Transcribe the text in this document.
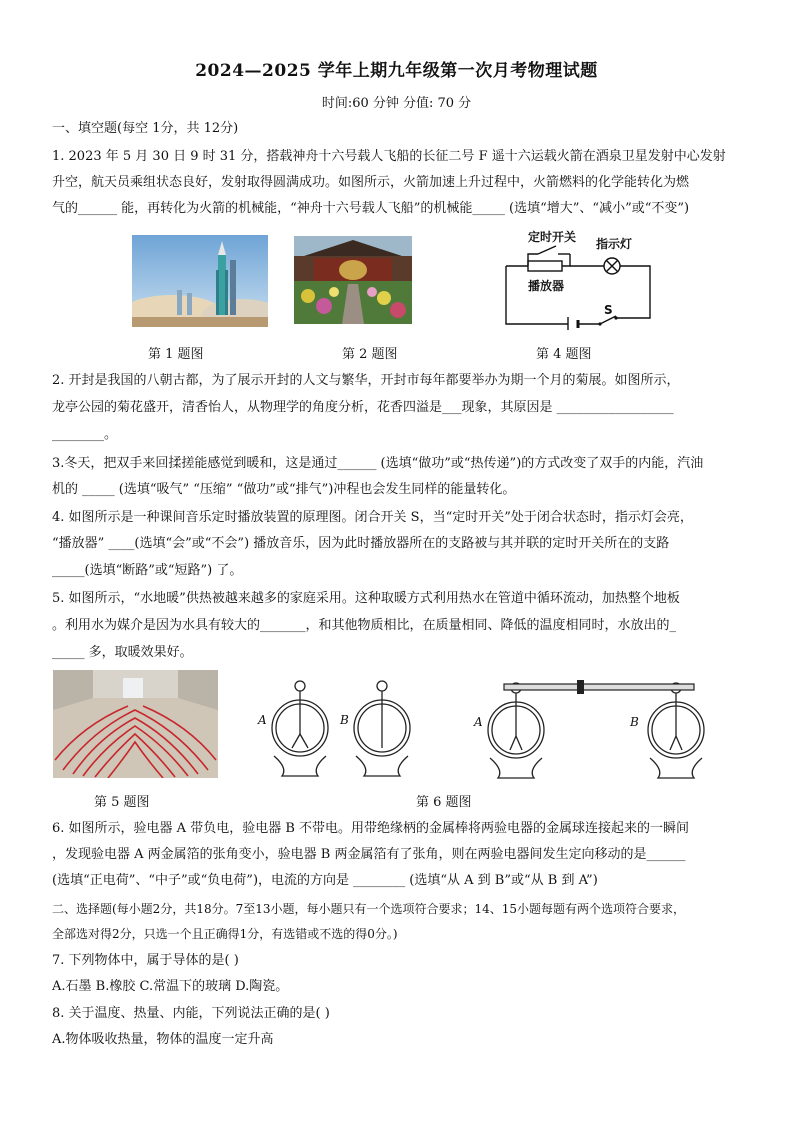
2024—2025 学年上期九年级第一次月考物理试题
时间:60 分钟 分值: 70 分
一、填空题(每空 1分，共 12分)
1. 2023 年 5 月 30 日 9 时 31 分，搭载神舟十六号载人飞船的长征二号 F 遥十六运载火箭在酒泉卫星发射中心发射
升空，航天员乘组状态良好，发射取得圆满成功。如图所示，火箭加速上升过程中，火箭燃料的化学能转化为燃
气的______ 能，再转化为火箭的机械能，“神舟十六号载人飞船”的机械能_____ (选填“增大”、“减小”或“不变”)
定时开关 指示灯
播放器
S
第 1 题图	第 2 题图	第 4 题图
2. 开封是我国的八朝古都，为了展示开封的人文与繁华，开封市每年都要举办为期一个月的菊展。如图所示，
龙亭公园的菊花盛开，清香怡人，从物理学的角度分析，花香四溢是___现象，其原因是 __________________
________。
3.冬天，把双手来回揉搓能感觉到暖和，这是通过______ (选填“做功”或“热传递”)的方式改变了双手的内能，汽油
机的 _____ (选填“吸气” “压缩” “做功”或“排气”)冲程也会发生同样的能量转化。
4. 如图所示是一种课间音乐定时播放装置的原理图。闭合开关 S，当“定时开关”处于闭合状态时，指示灯会亮，
“播放器” ____(选填“会”或“不会”) 播放音乐，因为此时播放器所在的支路被与其并联的定时开关所在的支路
_____(选填“断路”或“短路”) 了。
5. 如图所示，“水地暖”供热被越来越多的家庭采用。这种取暖方式利用热水在管道中循环流动，加热整个地板
。利用水为媒介是因为水具有较大的_______，和其他物质相比，在质量相同、降低的温度相同时，水放出的_
_____ 多，取暖效果好。
A	B	A	B
第 5 题图	第 6 题图
6. 如图所示，验电器 A 带负电，验电器 B 不带电。用带绝缘柄的金属棒将两验电器的金属球连接起来的一瞬间
，发现验电器 A 两金属箔的张角变小，验电器 B 两金属箔有了张角，则在两验电器间发生定向移动的是______
(选填“正电荷”、“中子”或“负电荷”)，电流的方向是 ________ (选填“从 A 到 B”或“从 B 到 A”)
二、选择题(每小题2分，共18分。7至13小题，每小题只有一个选项符合要求；14、15小题每题有两个选项符合要求，
全部选对得2分，只选一个且正确得1分，有选错或不选的得0分。)
7. 下列物体中，属于导体的是( )
A.石墨 B.橡胶 C.常温下的玻璃 D.陶瓷。
8. 关于温度、热量、内能，下列说法正确的是( )
A.物体吸收热量，物体的温度一定升高
